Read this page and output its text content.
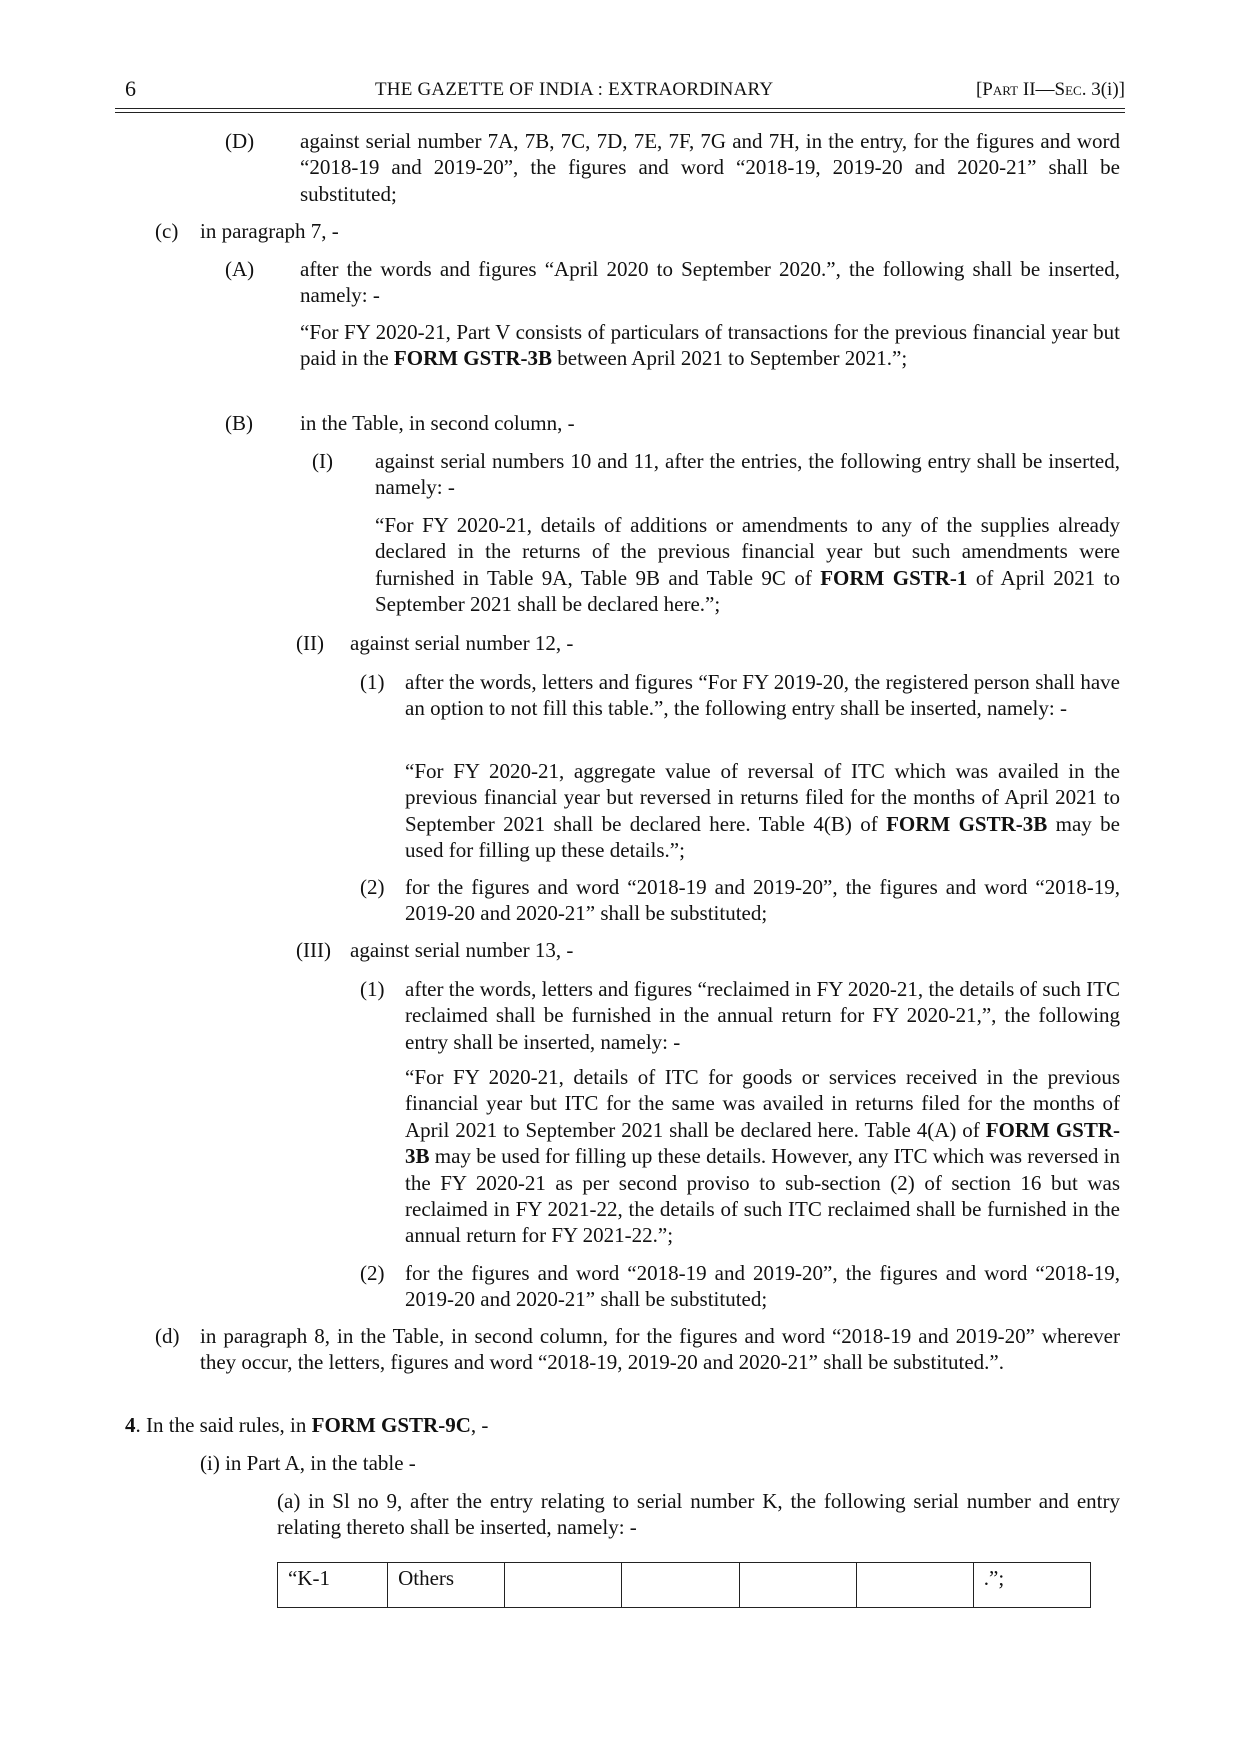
6	THE GAZETTE OF INDIA : EXTRAORDINARY	[Part II—Sec. 3(i)]
(D) against serial number 7A, 7B, 7C, 7D, 7E, 7F, 7G and 7H, in the entry, for the figures and word “2018-19 and 2019-20”, the figures and word “2018-19, 2019-20 and 2020-21” shall be substituted;

(c) in paragraph 7, -

(A) after the words and figures “April 2020 to September 2020.”, the following shall be inserted, namely: -

“For FY 2020-21, Part V consists of particulars of transactions for the previous financial year but paid in the FORM GSTR-3B between April 2021 to September 2021.”;

(B) in the Table, in second column, -

(I) against serial numbers 10 and 11, after the entries, the following entry shall be inserted, namely: -

“For FY 2020-21, details of additions or amendments to any of the supplies already declared in the returns of the previous financial year but such amendments were furnished in Table 9A, Table 9B and Table 9C of FORM GSTR-1 of April 2021 to September 2021 shall be declared here.”;

(II) against serial number 12, -

(1) after the words, letters and figures “For FY 2019-20, the registered person shall have an option to not fill this table.”, the following entry shall be inserted, namely: -

“For FY 2020-21, aggregate value of reversal of ITC which was availed in the previous financial year but reversed in returns filed for the months of April 2021 to September 2021 shall be declared here. Table 4(B) of FORM GSTR-3B may be used for filling up these details.”;

(2) for the figures and word “2018-19 and 2019-20”, the figures and word “2018-19, 2019-20 and 2020-21” shall be substituted;

(III) against serial number 13, -

(1) after the words, letters and figures “reclaimed in FY 2020-21, the details of such ITC reclaimed shall be furnished in the annual return for FY 2020-21,”, the following entry shall be inserted, namely: -

“For FY 2020-21, details of ITC for goods or services received in the previous financial year but ITC for the same was availed in returns filed for the months of April 2021 to September 2021 shall be declared here. Table 4(A) of FORM GSTR-3B may be used for filling up these details. However, any ITC which was reversed in the FY 2020-21 as per second proviso to sub-section (2) of section 16 but was reclaimed in FY 2021-22, the details of such ITC reclaimed shall be furnished in the annual return for FY 2021-22.”;

(2) for the figures and word “2018-19 and 2019-20”, the figures and word “2018-19, 2019-20 and 2020-21” shall be substituted;

(d) in paragraph 8, in the Table, in second column, for the figures and word “2018-19 and 2019-20” wherever they occur, the letters, figures and word “2018-19, 2019-20 and 2020-21” shall be substituted.”.

4. In the said rules, in FORM GSTR-9C, -

(i) in Part A, in the table -

(a) in Sl no 9, after the entry relating to serial number K, the following serial number and entry relating thereto shall be inserted, namely: -

“K-1	Others					.”;
